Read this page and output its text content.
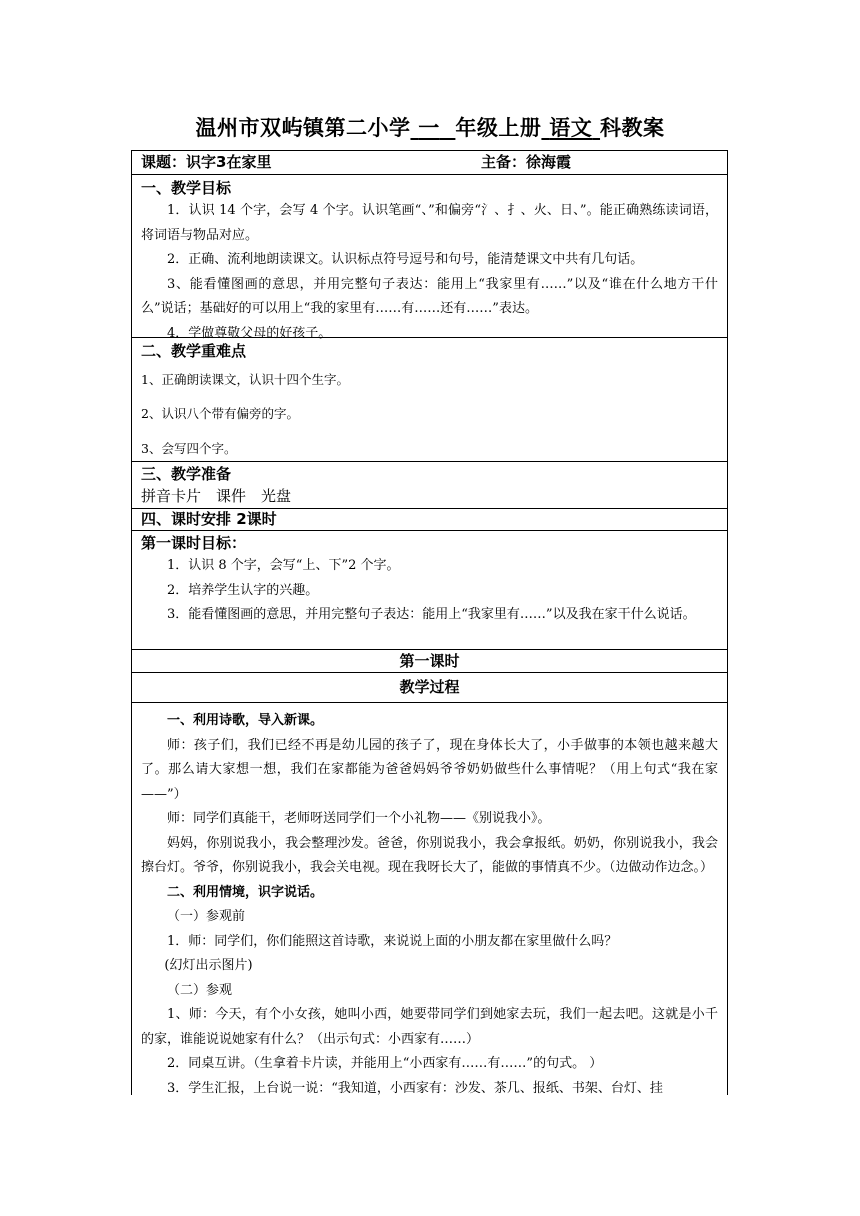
温州市双屿镇第二小学 一 年级上册 语文 科教案
课题：识字3在家里	主备：徐海霞
一、教学目标

1．认识 14 个字，会写 4 个字。认识笔画“、”和偏旁“氵、扌、火、日、”。能正确熟练读词语，将词语与物品对应。

2．正确、流利地朗读课文。认识标点符号逗号和句号，能清楚课文中共有几句话。

3、能看懂图画的意思，并用完整句子表达：能用上“我家里有……”以及“谁在什么地方干什么”说话；基础好的可以用上“我的家里有……有……还有……”表达。

4．学做尊敬父母的好孩子。

二、教学重难点

1、正确朗读课文，认识十四个生字。

2、认识八个带有偏旁的字。

3、会写四个字。

三、教学准备
拼音卡片　课件　光盘
四、课时安排 2课时
第一课时目标：

1．认识 8 个字，会写“上、下”2 个字。

2．培养学生认字的兴趣。

3．能看懂图画的意思，并用完整句子表达：能用上“我家里有……”以及我在家干什么说话。

第一课时
教学过程

一、利用诗歌，导入新课。

师：孩子们，我们已经不再是幼儿园的孩子了，现在身体长大了，小手做事的本领也越来越大了。那么请大家想一想，我们在家都能为爸爸妈妈爷爷奶奶做些什么事情呢？（用上句式“我在家——”）

师：同学们真能干，老师呀送同学们一个小礼物——《别说我小》。

妈妈，你别说我小，我会整理沙发。爸爸，你别说我小，我会拿报纸。奶奶，你别说我小，我会擦台灯。爷爷，你别说我小，我会关电视。现在我呀长大了，能做的事情真不少。（边做动作边念。）

二、利用情境，识字说话。

（一）参观前

1．师：同学们，你们能照这首诗歌，来说说上面的小朋友都在家里做什么吗？

(幻灯出示图片)

（二）参观

1、师：今天，有个小女孩，她叫小西，她要带同学们到她家去玩，我们一起去吧。这就是小千的家，谁能说说她家有什么？（出示句式：小西家有……）

2．同桌互讲。（生拿着卡片读，并能用上“小西家有……有……”的句式。 ）

3．学生汇报，上台说一说：“我知道，小西家有：沙发、茶几、报纸、书架、台灯、挂
